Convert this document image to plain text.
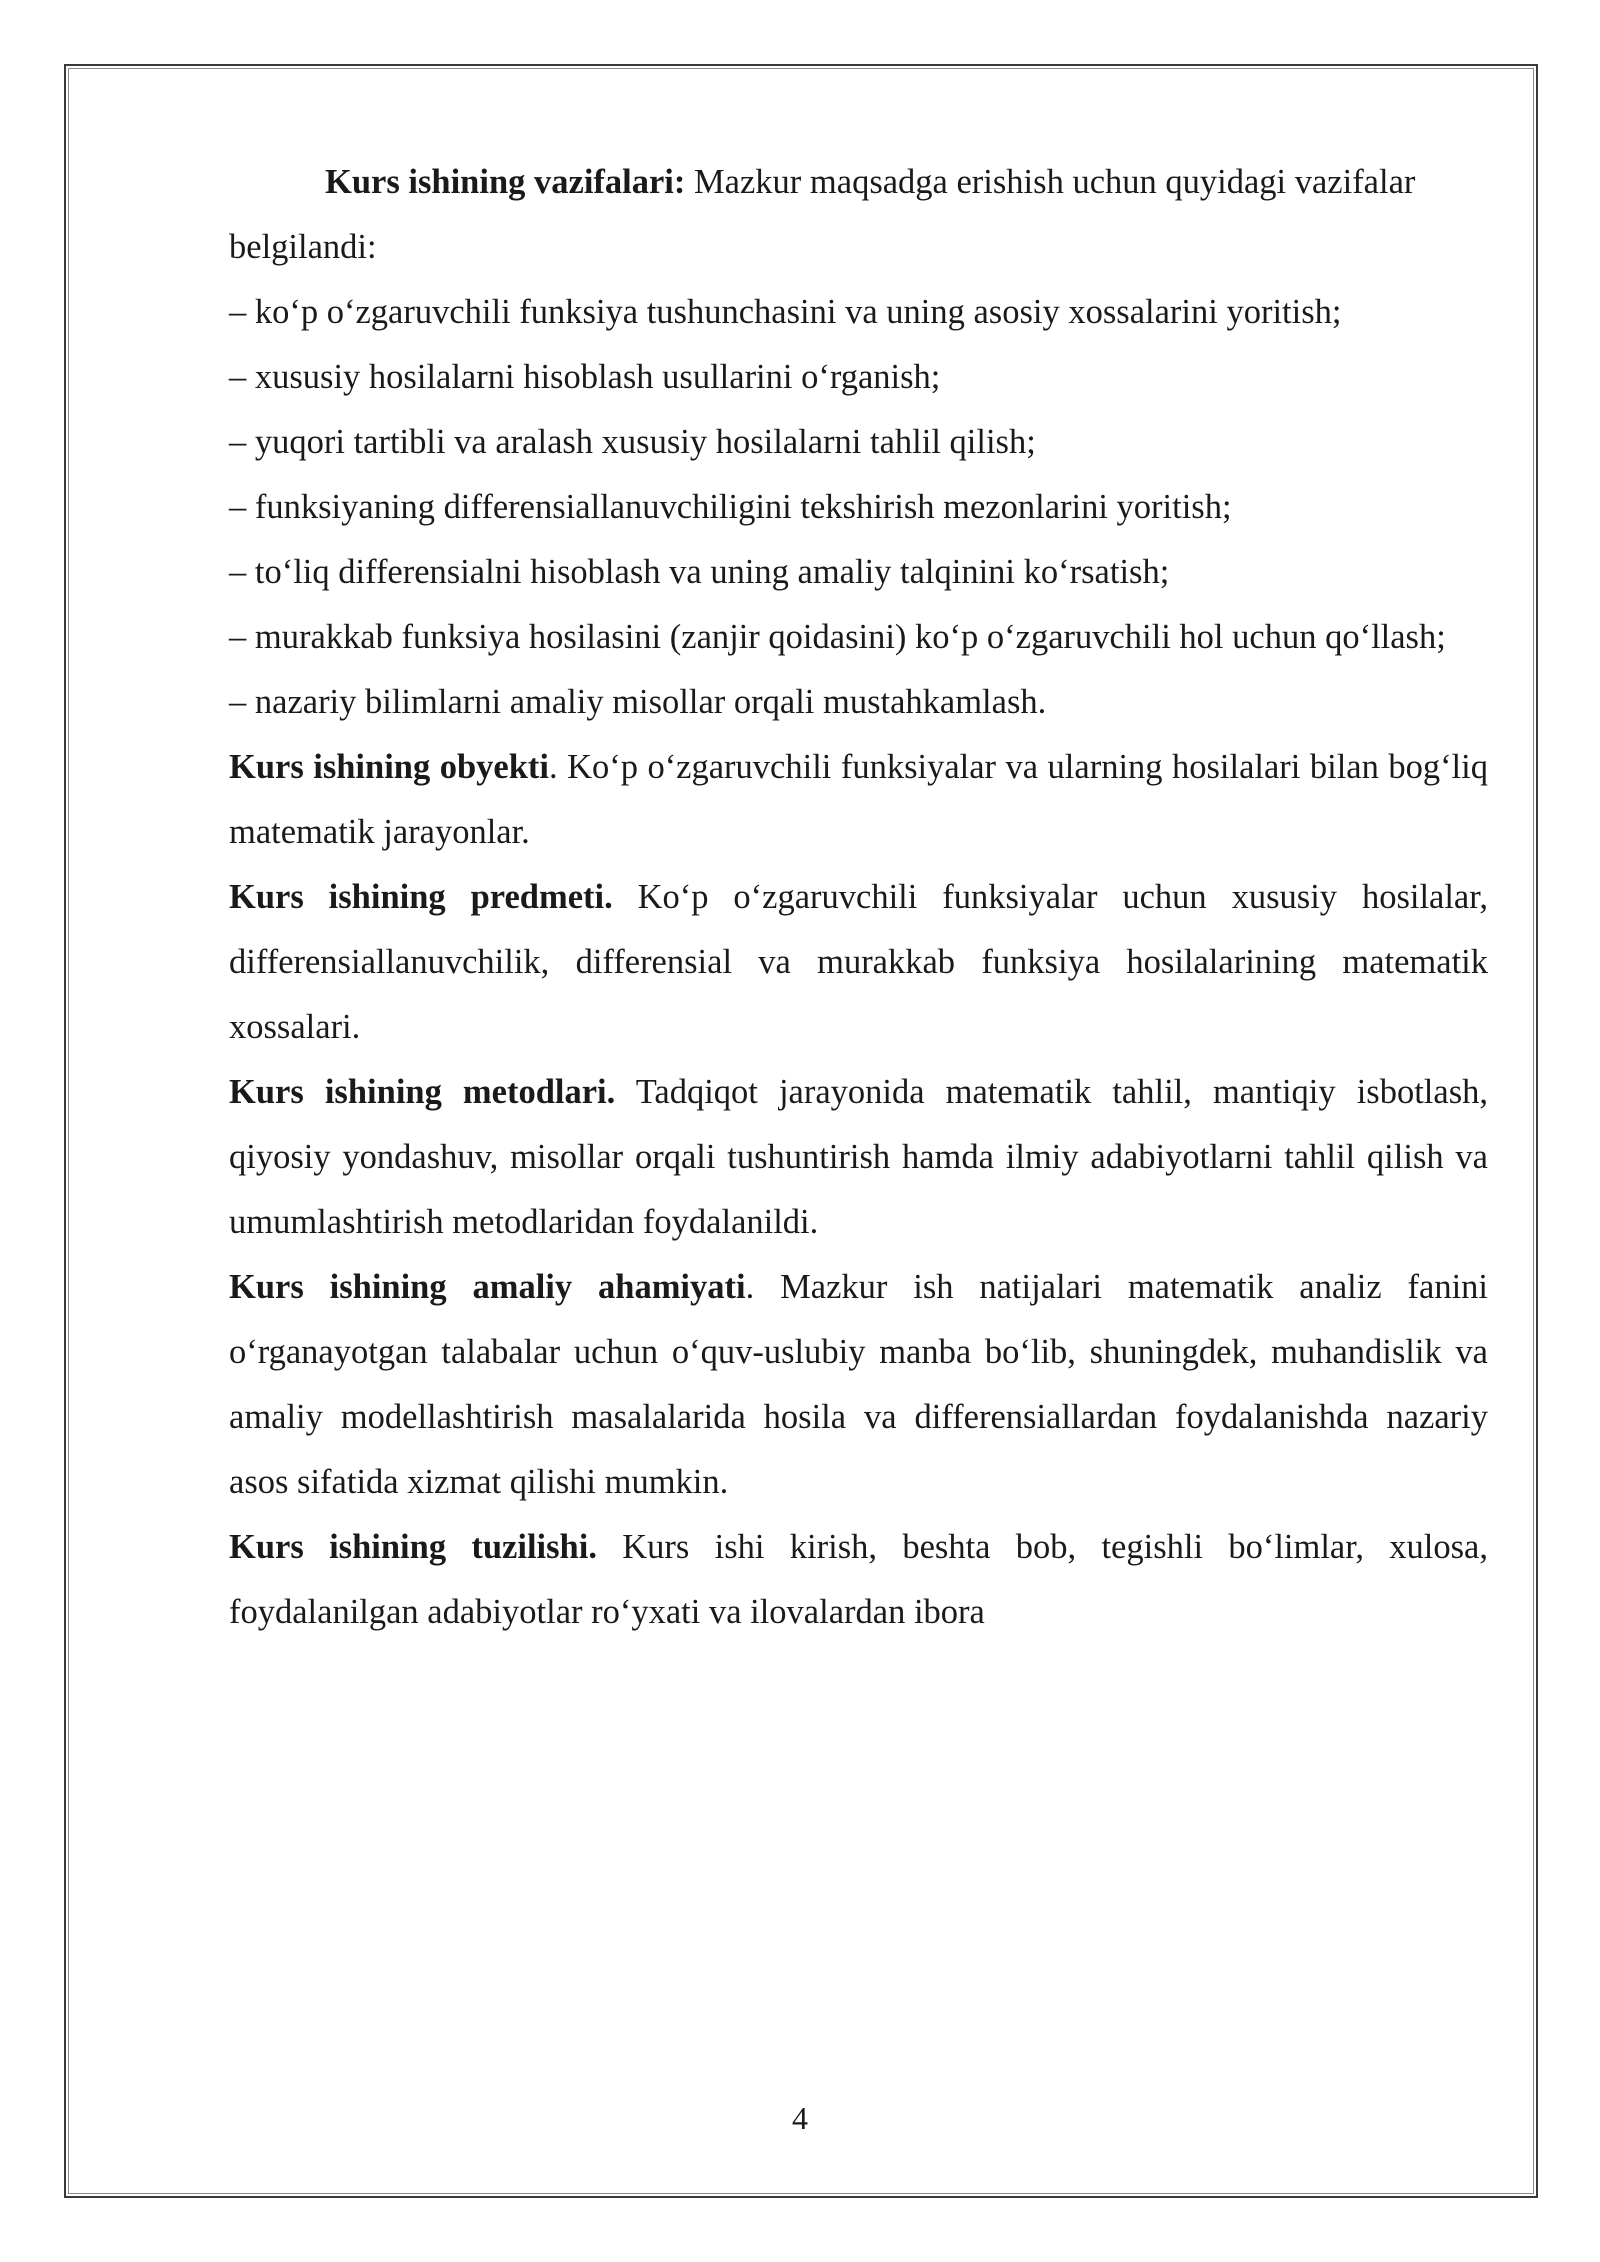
Kurs ishining vazifalari: Mazkur maqsadga erishish uchun quyidagi vazifalar belgilandi:

– koʻp oʻzgaruvchili funksiya tushunchasini va uning asosiy xossalarini yoritish;

– xususiy hosilalarni hisoblash usullarini oʻrganish;

– yuqori tartibli va aralash xususiy hosilalarni tahlil qilish;

– funksiyaning differensiallanuvchiligini tekshirish mezonlarini yoritish;

– toʻliq differensialni hisoblash va uning amaliy talqinini koʻrsatish;

– murakkab funksiya hosilasini (zanjir qoidasini) koʻp oʻzgaruvchili hol uchun qoʻllash;

– nazariy bilimlarni amaliy misollar orqali mustahkamlash.

Kurs ishining obyekti. Koʻp oʻzgaruvchili funksiyalar va ularning hosilalari bilan bogʻliq matematik jarayonlar.

Kurs ishining predmeti. Koʻp oʻzgaruvchili funksiyalar uchun xususiy hosilalar, differensiallanuvchilik, differensial va murakkab funksiya hosilalarining matematik xossalari.

Kurs ishining metodlari. Tadqiqot jarayonida matematik tahlil, mantiqiy isbotlash, qiyosiy yondashuv, misollar orqali tushuntirish hamda ilmiy adabiyotlarni tahlil qilish va umumlashtirish metodlaridan foydalanildi.

Kurs ishining amaliy ahamiyati. Mazkur ish natijalari matematik analiz fanini oʻrganayotgan talabalar uchun oʻquv-uslubiy manba boʻlib, shuningdek, muhandislik va amaliy modellashtirish masalalarida hosila va differensiallardan foydalanishda nazariy asos sifatida xizmat qilishi mumkin.

Kurs ishining tuzilishi. Kurs ishi kirish, beshta bob, tegishli boʻlimlar, xulosa, foydalanilgan adabiyotlar roʻyxati va ilovalardan ibora

4
